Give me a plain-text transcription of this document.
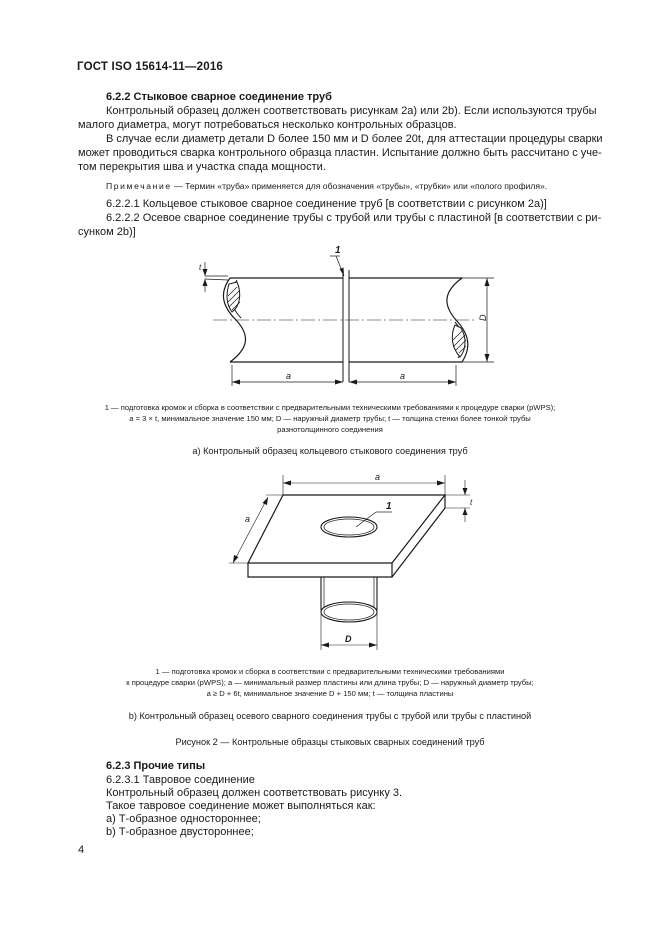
ГОСТ ISO 15614-11—2016
6.2.2 Стыковое сварное соединение труб
Контрольный образец должен соответствовать рисункам 2a) или 2b). Если используются трубы
малого диаметра, могут потребоваться несколько контрольных образцов.
В случае если диаметр детали D более 150 мм и D более 20t, для аттестации процедуры сварки
может проводиться сварка контрольного образца пластин. Испытание должно быть рассчитано с уче-
том перекрытия шва и участка спада мощности.
Примечание — Термин «труба» применяется для обозначения «трубы», «трубки» или «полого профиля».
6.2.2.1 Кольцевое стыковое сварное соединение труб [в соответствии с рисунком 2a)]
6.2.2.2 Осевое сварное соединение трубы с трубой или трубы с пластиной [в соответствии с ри-
сунком 2b)]
1
t
D
a	a
1 — подготовка кромок и сборка в соответствии с предварительными техническими требованиями к процедуре сварки (pWPS);
a = 3 × t, минимальное значение 150 мм; D — наружный диаметр трубы; t — толщина стенки более тонкой трубы
разнотолщинного соединения
a) Контрольный образец кольцевого стыкового соединения труб
a
a
1	t
D
1 — подготовка кромок и сборка в соответствии с предварительными техническими требованиями
к процедуре сварки (pWPS); a — минимальный размер пластины или длина трубы; D — наружный диаметр трубы;
a ≥ D + 6t, минимальное значение D + 150 мм; t — толщина пластины
b) Контрольный образец осевого сварного соединения трубы с трубой или трубы с пластиной
Рисунок 2 — Контрольные образцы стыковых сварных соединений труб
6.2.3 Прочие типы
6.2.3.1 Тавровое соединение
Контрольный образец должен соответствовать рисунку 3.
Такое тавровое соединение может выполняться как:
а) Т-образное одностороннее;
b) Т-образное двустороннее;
4
